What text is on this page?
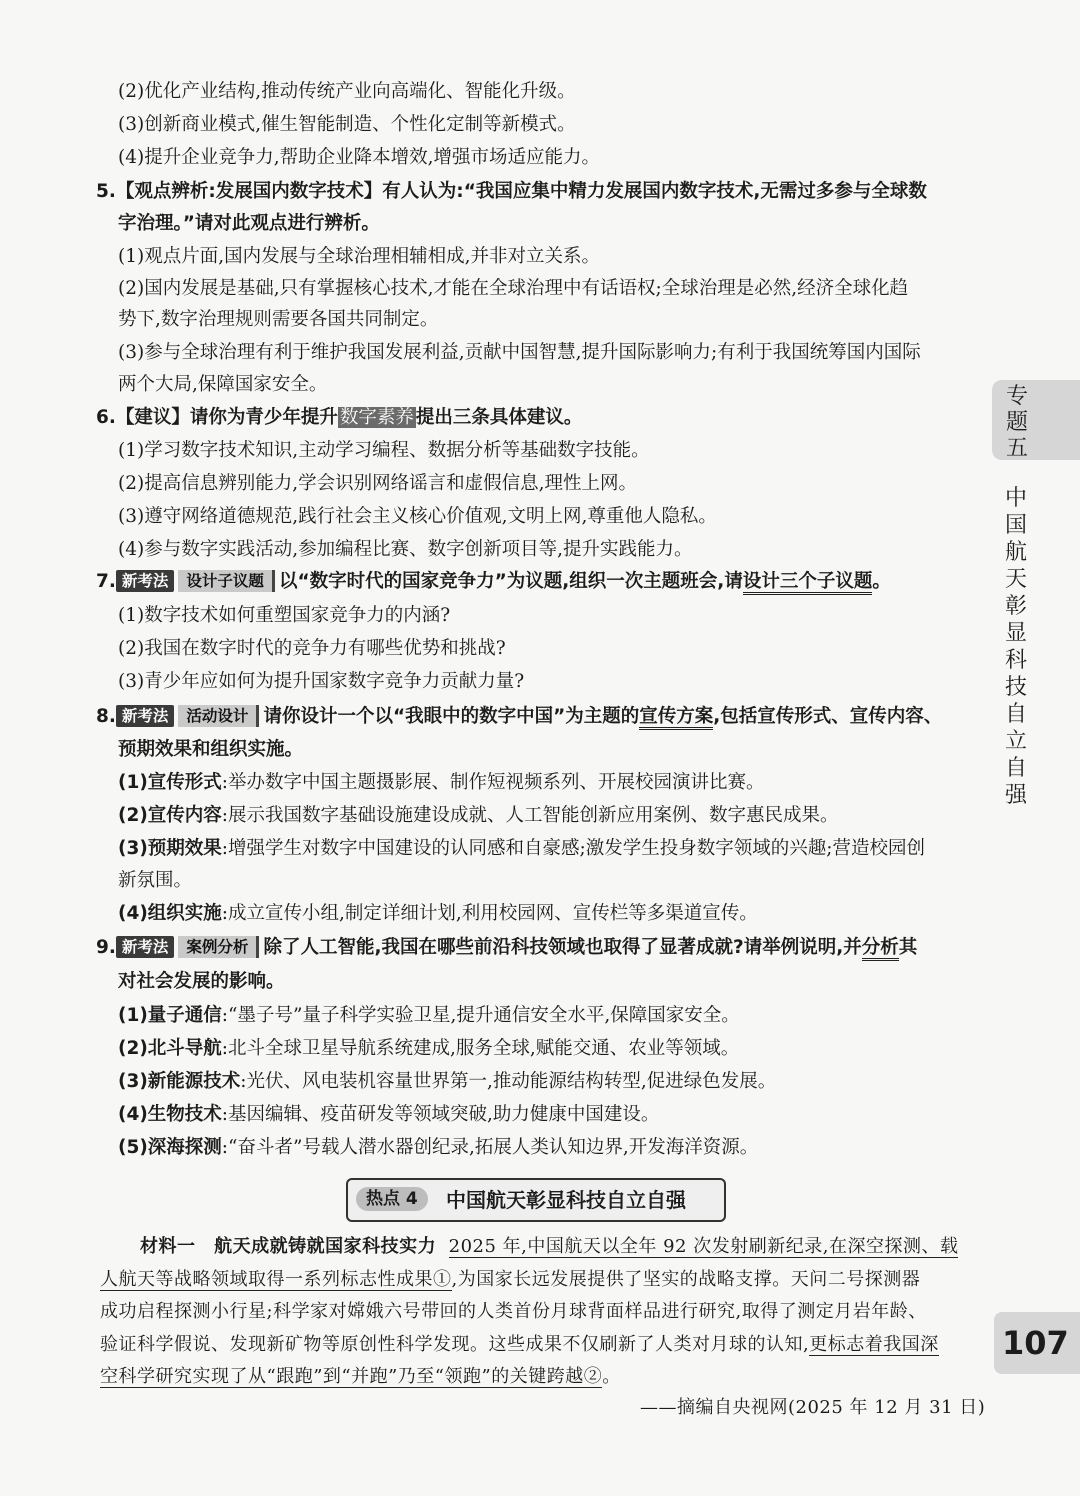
(2)优化产业结构,推动传统产业向高端化、智能化升级。
(3)创新商业模式,催生智能制造、个性化定制等新模式。
(4)提升企业竞争力,帮助企业降本增效,增强市场适应能力。
5.【观点辨析:发展国内数字技术】有人认为:“我国应集中精力发展国内数字技术,无需过多参与全球数
字治理。”请对此观点进行辨析。
(1)观点片面,国内发展与全球治理相辅相成,并非对立关系。
(2)国内发展是基础,只有掌握核心技术,才能在全球治理中有话语权;全球治理是必然,经济全球化趋
势下,数字治理规则需要各国共同制定。
(3)参与全球治理有利于维护我国发展利益,贡献中国智慧,提升国际影响力;有利于我国统筹国内国际
两个大局,保障国家安全。
6.【建议】请你为青少年提升 数字素养 提出三条具体建议。
(1)学习数字技术知识,主动学习编程、数据分析等基础数字技能。
(2)提高信息辨别能力,学会识别网络谣言和虚假信息,理性上网。
(3)遵守网络道德规范,践行社会主义核心价值观,文明上网,尊重他人隐私。
(4)参与数字实践活动,参加编程比赛、数字创新项目等,提升实践能力。
7. 新考法 设计子议题 以“数字时代的国家竞争力”为议题,组织一次主题班会,请设计三个子议题。
(1)数字技术如何重塑国家竞争力的内涵?
(2)我国在数字时代的竞争力有哪些优势和挑战?
(3)青少年应如何为提升国家数字竞争力贡献力量?
8. 新考法 活动设计 请你设计一个以“我眼中的数字中国”为主题的宣传方案,包括宣传形式、宣传内容、
预期效果和组织实施。
(1)宣传形式:举办数字中国主题摄影展、制作短视频系列、开展校园演讲比赛。
(2)宣传内容:展示我国数字基础设施建设成就、人工智能创新应用案例、数字惠民成果。
(3)预期效果:增强学生对数字中国建设的认同感和自豪感;激发学生投身数字领域的兴趣;营造校园创
新氛围。
(4)组织实施:成立宣传小组,制定详细计划,利用校园网、宣传栏等多渠道宣传。
9. 新考法 案例分析 除了人工智能,我国在哪些前沿科技领域也取得了显著成就?请举例说明,并分析其
对社会发展的影响。
(1)量子通信:“墨子号”量子科学实验卫星,提升通信安全水平,保障国家安全。
(2)北斗导航:北斗全球卫星导航系统建成,服务全球,赋能交通、农业等领域。
(3)新能源技术:光伏、风电装机容量世界第一,推动能源结构转型,促进绿色发展。
(4)生物技术:基因编辑、疫苗研发等领域突破,助力健康中国建设。
(5)深海探测:“奋斗者”号载人潜水器创纪录,拓展人类认知边界,开发海洋资源。
热点 4	中国航天彰显科技自立自强
材料一 航天成就铸就国家科技实力 2025 年,中国航天以全年 92 次发射刷新纪录,在深空探测、载
人航天等战略领域取得一系列标志性成果①,为国家长远发展提供了坚实的战略支撑。天问二号探测器
成功启程探测小行星;科学家对嫦娥六号带回的人类首份月球背面样品进行研究,取得了测定月岩年龄、
验证科学假说、发现新矿物等原创性科学发现。这些成果不仅刷新了人类对月球的认知,更标志着我国深
空科学研究实现了从“跟跑”到“并跑”乃至“领跑”的关键跨越②。
——摘编自央视网(2025 年 12 月 31 日)
专题五
中国航天彰显科技自立自强
107
